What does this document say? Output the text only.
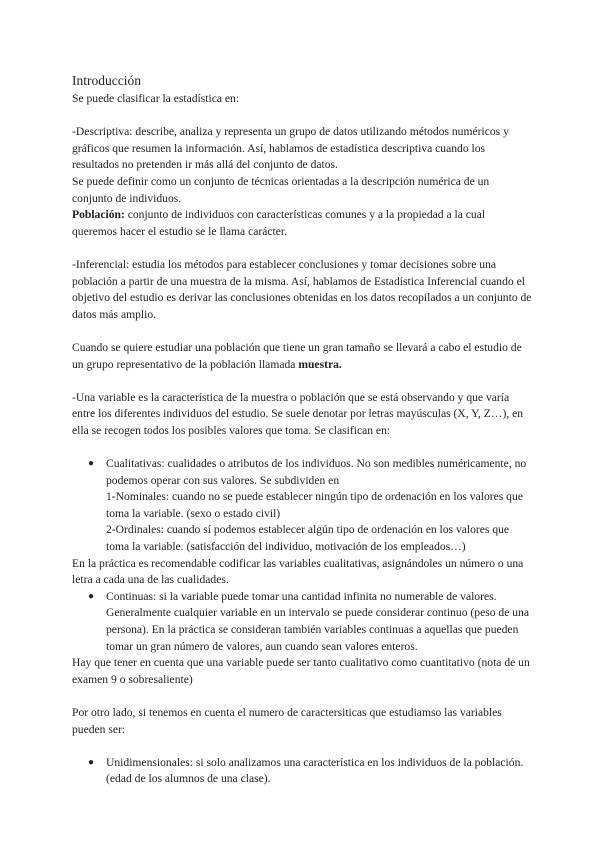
Introducción

Se puede clasificar la estadística en:

-Descriptiva: describe, analiza y representa un grupo de datos utilizando métodos numéricos y gráficos que resumen la información. Así, hablamos de estadística descriptiva cuando los resultados no pretenden ir más allá del conjunto de datos.

Se puede definir como un conjunto de técnicas orientadas a la descripción numérica de un conjunto de individuos.

Población: conjunto de individuos con características comunes y a la propiedad a la cual queremos hacer el estudio se le llama carácter.

-Inferencial: estudia los métodos para establecer conclusiones y tomar decisiones sobre una población a partir de una muestra de la misma. Así, hablamos de Estadística Inferencial cuando el objetivo del estudio es derivar las conclusiones obtenidas en los datos recopilados a un conjunto de datos más amplio.

Cuando se quiere estudiar una población que tiene un gran tamaño se llevará a cabo el estudio de un grupo representativo de la población llamada muestra.

-Una variable es la característica de la muestra o población que se está observando y que varía entre los diferentes individuos del estudio. Se suele denotar por letras mayúsculas (X, Y, Z…), en ella se recogen todos los posibles valores que toma. Se clasifican en:

● Cualitativas: cualidades o atributos de los individuos. No son medibles numéricamente, no podemos operar con sus valores. Se subdividen en
1-Nominales: cuando no se puede establecer ningún tipo de ordenación en los valores que toma la variable. (sexo o estado civil)
2-Ordinales: cuando sí podemos establecer algún tipo de ordenación en los valores que toma la variable. (satisfacción del individuo, motivación de los empleados…)

En la práctica es recomendable codificar las variables cualitativas, asignándoles un número o una letra a cada una de las cualidades.

● Continuas: si la variable puede tomar una cantidad infinita no numerable de valores. Generalmente cualquier variable en un intervalo se puede considerar continuo (peso de una persona). En la práctica se consideran también variables continuas a aquellas que pueden tomar un gran número de valores, aun cuando sean valores enteros.

Hay que tener en cuenta que una variable puede ser tanto cualitativo como cuantitativo (nota de un examen 9 o sobresaliente)

Por otro lado, si tenemos en cuenta el numero de caractersiticas que estudiamso las variables pueden ser:

● Unidimensionales: si solo analizamos una característica en los individuos de la población. (edad de los alumnos de una clase).
